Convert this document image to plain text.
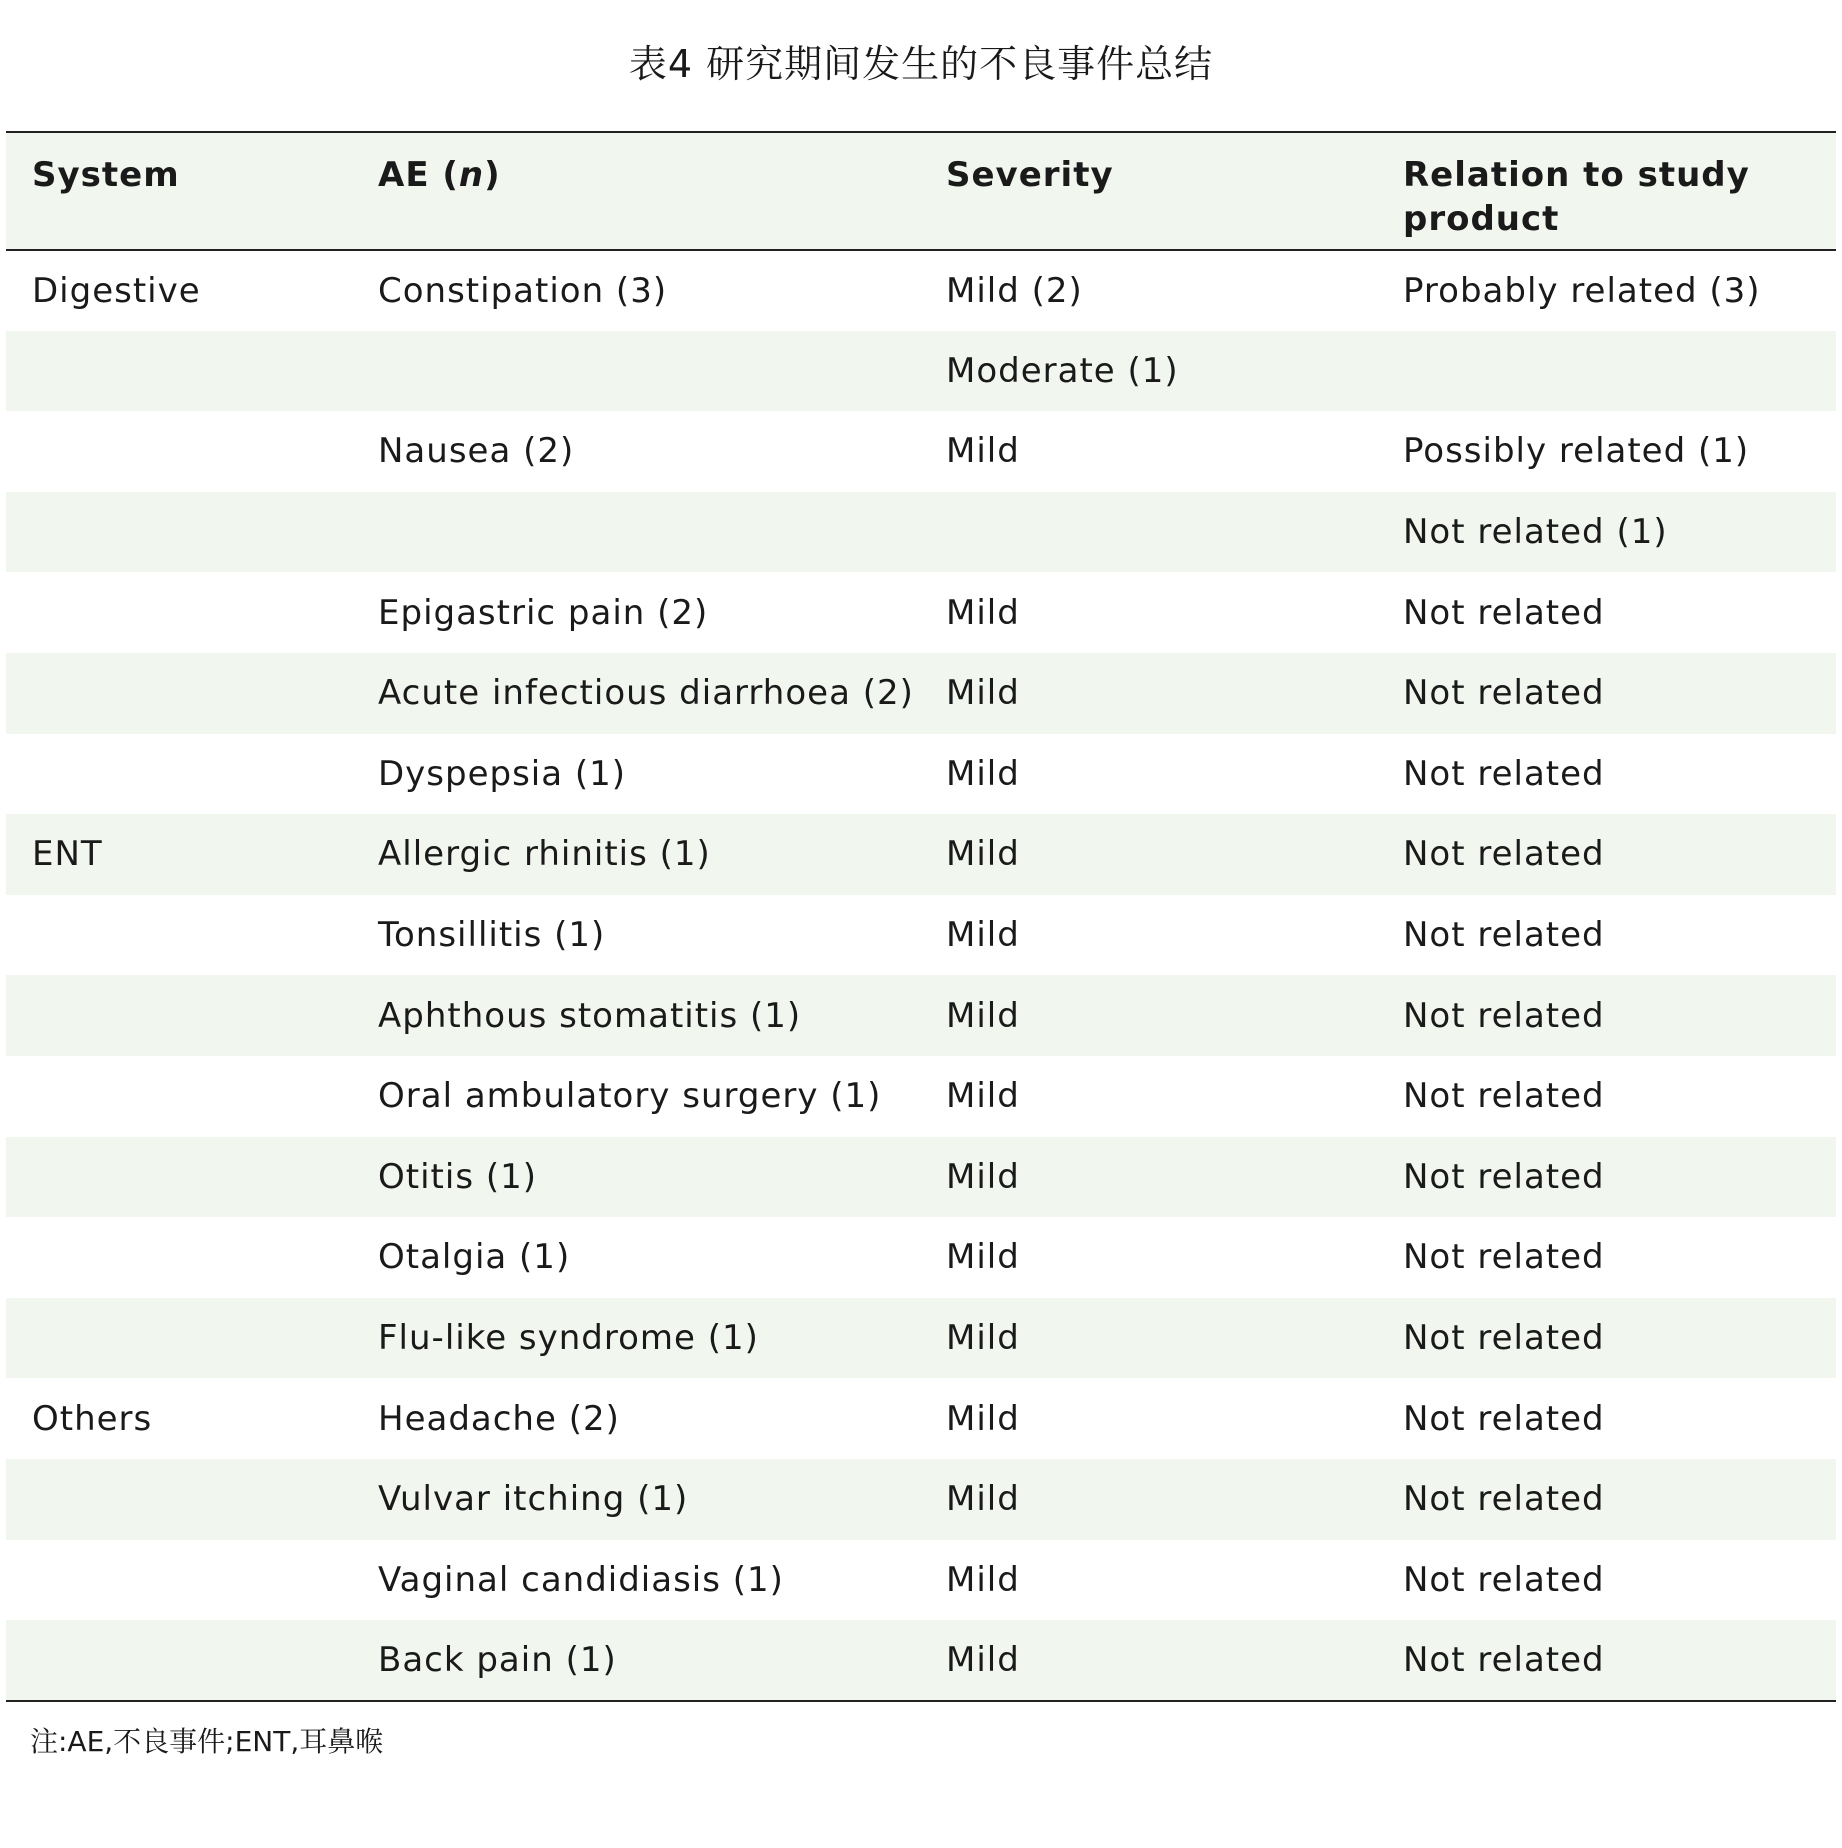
表4 研究期间发生的不良事件总结
System	AE (n)	Severity	Relation to study product
Digestive	Constipation (3)	Mild (2)	Probably related (3)
		Moderate (1)	
	Nausea (2)	Mild	Possibly related (1)
			Not related (1)
	Epigastric pain (2)	Mild	Not related
	Acute infectious diarrhoea (2)	Mild	Not related
	Dyspepsia (1)	Mild	Not related
ENT	Allergic rhinitis (1)	Mild	Not related
	Tonsillitis (1)	Mild	Not related
	Aphthous stomatitis (1)	Mild	Not related
	Oral ambulatory surgery (1)	Mild	Not related
	Otitis (1)	Mild	Not related
	Otalgia (1)	Mild	Not related
	Flu-like syndrome (1)	Mild	Not related
Others	Headache (2)	Mild	Not related
	Vulvar itching (1)	Mild	Not related
	Vaginal candidiasis (1)	Mild	Not related
	Back pain (1)	Mild	Not related
注:AE,不良事件;ENT,耳鼻喉
